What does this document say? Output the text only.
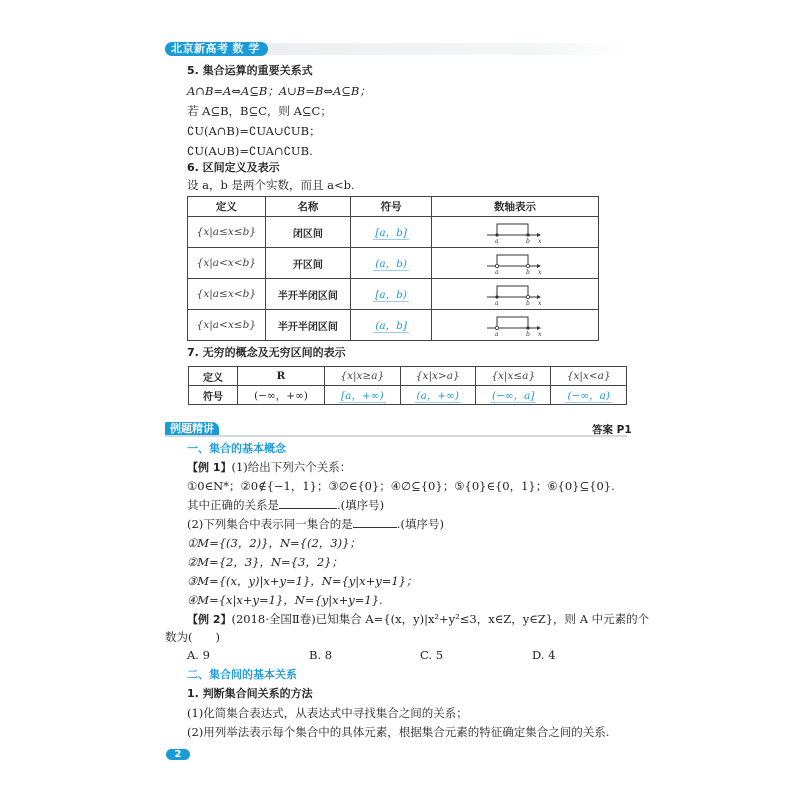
北京新高考 数 学
5. 集合运算的重要关系式
A∩B=A⇔A⊆B；A∪B=B⇔A⊆B；
若 A⊆B，B⊆C，则 A⊆C；
∁U(A∩B)=∁UA∪∁UB；
∁U(A∪B)=∁UA∩∁UB.
6. 区间定义及表示
设 a，b 是两个实数，而且 a<b.
定义	名称	符号	数轴表示
{x|a≤x≤b}	闭区间	[a，b]	a b x

{x|a<x<b}	开区间	(a，b)	a b x

{x|a≤x<b}	半开半闭区间	[a，b)	a b x

{x|a<x≤b}	半开半闭区间	(a，b]	a b x
7. 无穷的概念及无穷区间的表示
定义	R	{x|x≥a}	{x|x>a}	{x|x≤a}	{x|x<a}
符号	(−∞，+∞)	[a，+∞)	(a，+∞)	(−∞，a]	(−∞，a)
例题精讲	答案 P1
一、集合的基本概念
【例 1】(1)给出下列六个关系：
①0∈N*；②0∉{−1，1}；③∅∈{0}；④∅⊆{0}；⑤{0}∈{0，1}；⑥{0}⊆{0}.
其中正确的关系是	.(填序号)
(2)下列集合中表示同一集合的是	.(填序号)
①M={(3，2)}，N={(2，3)}；
②M={2，3}，N={3，2}；
③M={(x，y)|x+y=1}，N={y|x+y=1}；
④M={x|x+y=1}，N={y|x+y=1}.
【例 2】(2018·全国Ⅱ卷)已知集合 A={(x，y)|x²+y²≤3，x∈Z，y∈Z}，则 A 中元素的个
数为(　　)
A. 9	B. 8	C. 5	D. 4
二、集合间的基本关系
1. 判断集合间关系的方法
(1)化简集合表达式，从表达式中寻找集合之间的关系；
(2)用列举法表示每个集合中的具体元素，根据集合元素的特征确定集合之间的关系.
2
